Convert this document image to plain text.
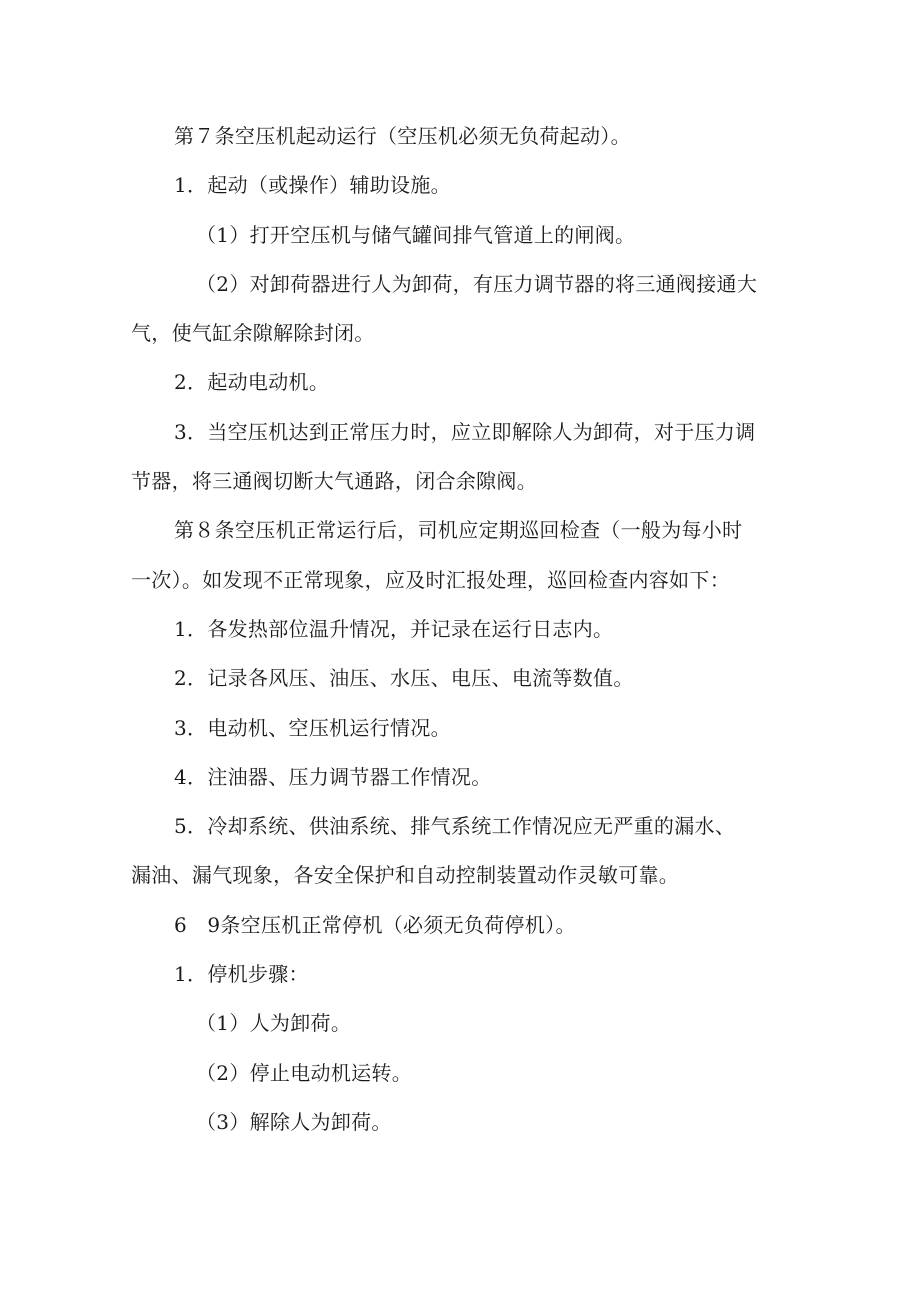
第７条空压机起动运行（空压机必须无负荷起动）。
1．起动（或操作）辅助设施。
（1）打开空压机与储气罐间排气管道上的闸阀。
（2）对卸荷器进行人为卸荷，有压力调节器的将三通阀接通大
气，使气缸余隙解除封闭。
2．起动电动机。
3．当空压机达到正常压力时，应立即解除人为卸荷，对于压力调
节器，将三通阀切断大气通路，闭合余隙阀。
第８条空压机正常运行后，司机应定期巡回检查（一般为每小时
一次）。如发现不正常现象，应及时汇报处理，巡回检查内容如下：
1．各发热部位温升情况，并记录在运行日志内。
2．记录各风压、油压、水压、电压、电流等数值。
3．电动机、空压机运行情况。
4．注油器、压力调节器工作情况。
5．冷却系统、供油系统、排气系统工作情况应无严重的漏水、
漏油、漏气现象，各安全保护和自动控制装置动作灵敏可靠。
6　9条空压机正常停机（必须无负荷停机）。
1．停机步骤：
（1）人为卸荷。
（2）停止电动机运转。
（3）解除人为卸荷。
